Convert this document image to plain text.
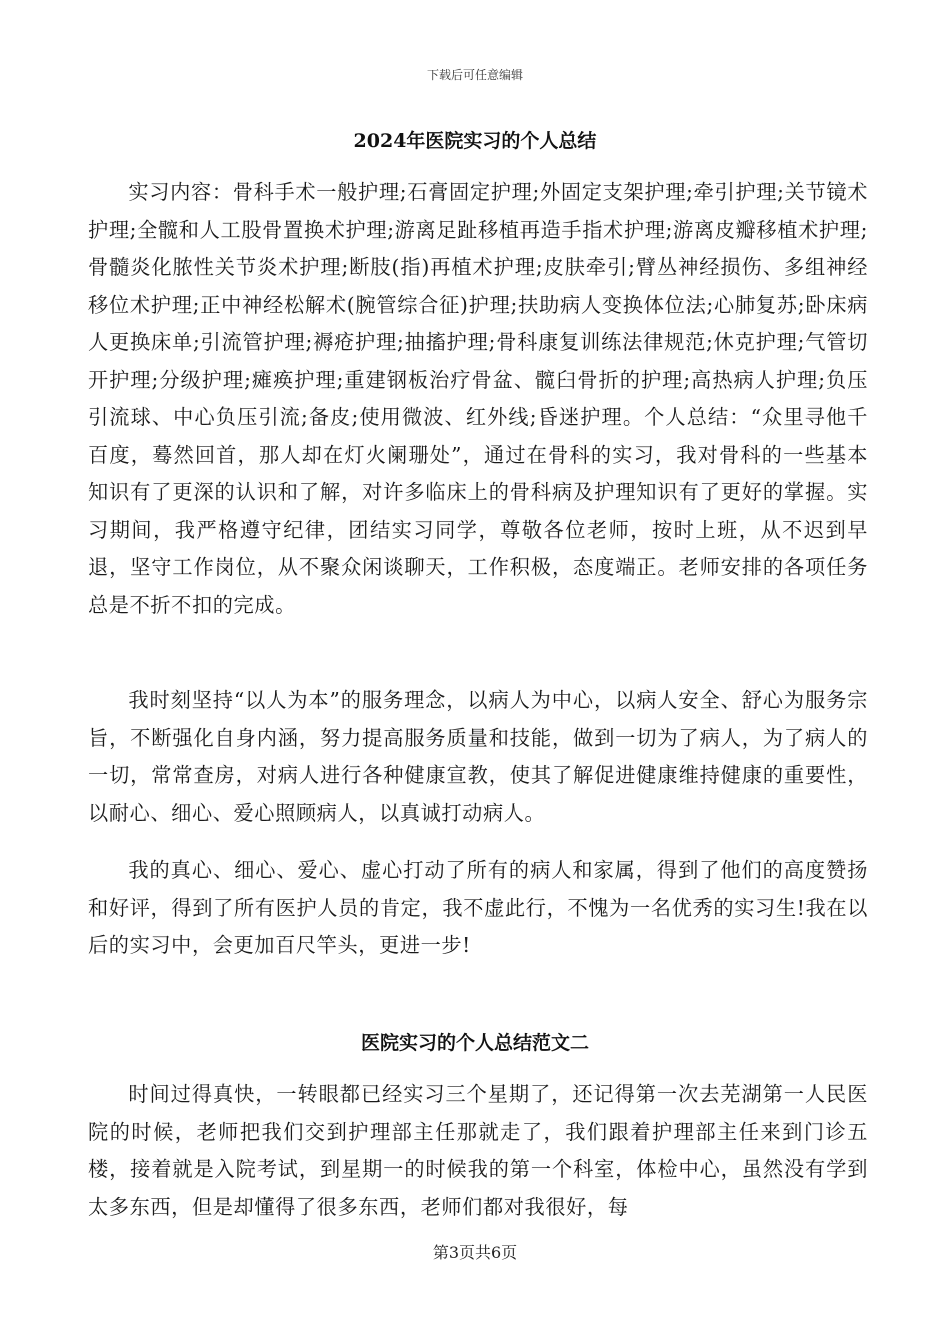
下载后可任意编辑
2024年医院实习的个人总结

实习内容：骨科手术一般护理;石膏固定护理;外固定支架护理;牵引护理;关节镜术护理;全髋和人工股骨置换术护理;游离足趾移植再造手指术护理;游离皮瓣移植术护理;骨髓炎化脓性关节炎术护理;断肢(指)再植术护理;皮肤牵引;臂丛神经损伤、多组神经移位术护理;正中神经松解术(腕管综合征)护理;扶助病人变换体位法;心肺复苏;卧床病人更换床单;引流管护理;褥疮护理;抽搐护理;骨科康复训练法律规范;休克护理;气管切开护理;分级护理;瘫痪护理;重建钢板治疗骨盆、髋臼骨折的护理;高热病人护理;负压引流球、中心负压引流;备皮;使用微波、红外线;昏迷护理。个人总结：“众里寻他千百度，蓦然回首，那人却在灯火阑珊处”，通过在骨科的实习，我对骨科的一些基本知识有了更深的认识和了解，对许多临床上的骨科病及护理知识有了更好的掌握。实习期间，我严格遵守纪律，团结实习同学，尊敬各位老师，按时上班，从不迟到早退，坚守工作岗位，从不聚众闲谈聊天，工作积极，态度端正。老师安排的各项任务总是不折不扣的完成。

我时刻坚持“以人为本”的服务理念，以病人为中心，以病人安全、舒心为服务宗旨，不断强化自身内涵，努力提高服务质量和技能，做到一切为了病人，为了病人的一切，常常查房，对病人进行各种健康宣教，使其了解促进健康维持健康的重要性，以耐心、细心、爱心照顾病人，以真诚打动病人。

我的真心、细心、爱心、虚心打动了所有的病人和家属，得到了他们的高度赞扬和好评，得到了所有医护人员的肯定，我不虚此行，不愧为一名优秀的实习生!我在以后的实习中，会更加百尺竿头，更进一步!

医院实习的个人总结范文二

时间过得真快，一转眼都已经实习三个星期了，还记得第一次去芜湖第一人民医院的时候，老师把我们交到护理部主任那就走了，我们跟着护理部主任来到门诊五楼，接着就是入院考试，到星期一的时候我的第一个科室，体检中心，虽然没有学到太多东西，但是却懂得了很多东西，老师们都对我很好，每

第3页共6页
